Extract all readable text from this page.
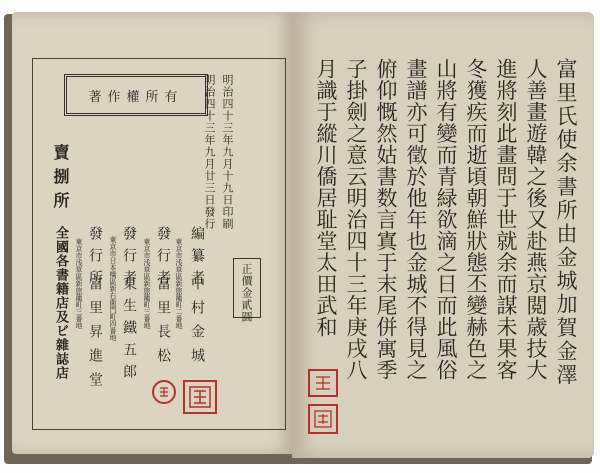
著作權所有	明治四十三年九月十九日印刷
明治四十三年九月廿三日發行
正價金貳圓
編纂者
東京市浅草區新旅籠町二番地 中村金城
發行者
東京市浅草區新旅籠町三番地 富里長松
發行者
東京市日本橋區新右衞門町四番地 東生鐵五郎
發行所
東京市浅草區新旅籠町三番地 富里昇進堂
賣捌所
全國各書籍店及ビ雜誌店	富里氏使余書所由金城加賀金澤
人善畫遊韓之後又赴燕京閲歳技大
進將刻此畫問于世就余而謀未果客
冬獲疾而逝頃朝鮮狀態丕變赫色之
山將有變而青緑欲滴之日而此風俗
畫譜亦可徵於他年也金城不得見之
俯仰慨然姑書数言寘于末尾併寓季
子掛劍之意云明治四十三年庚戌八
月識于縱川僑居耻堂太田武和
